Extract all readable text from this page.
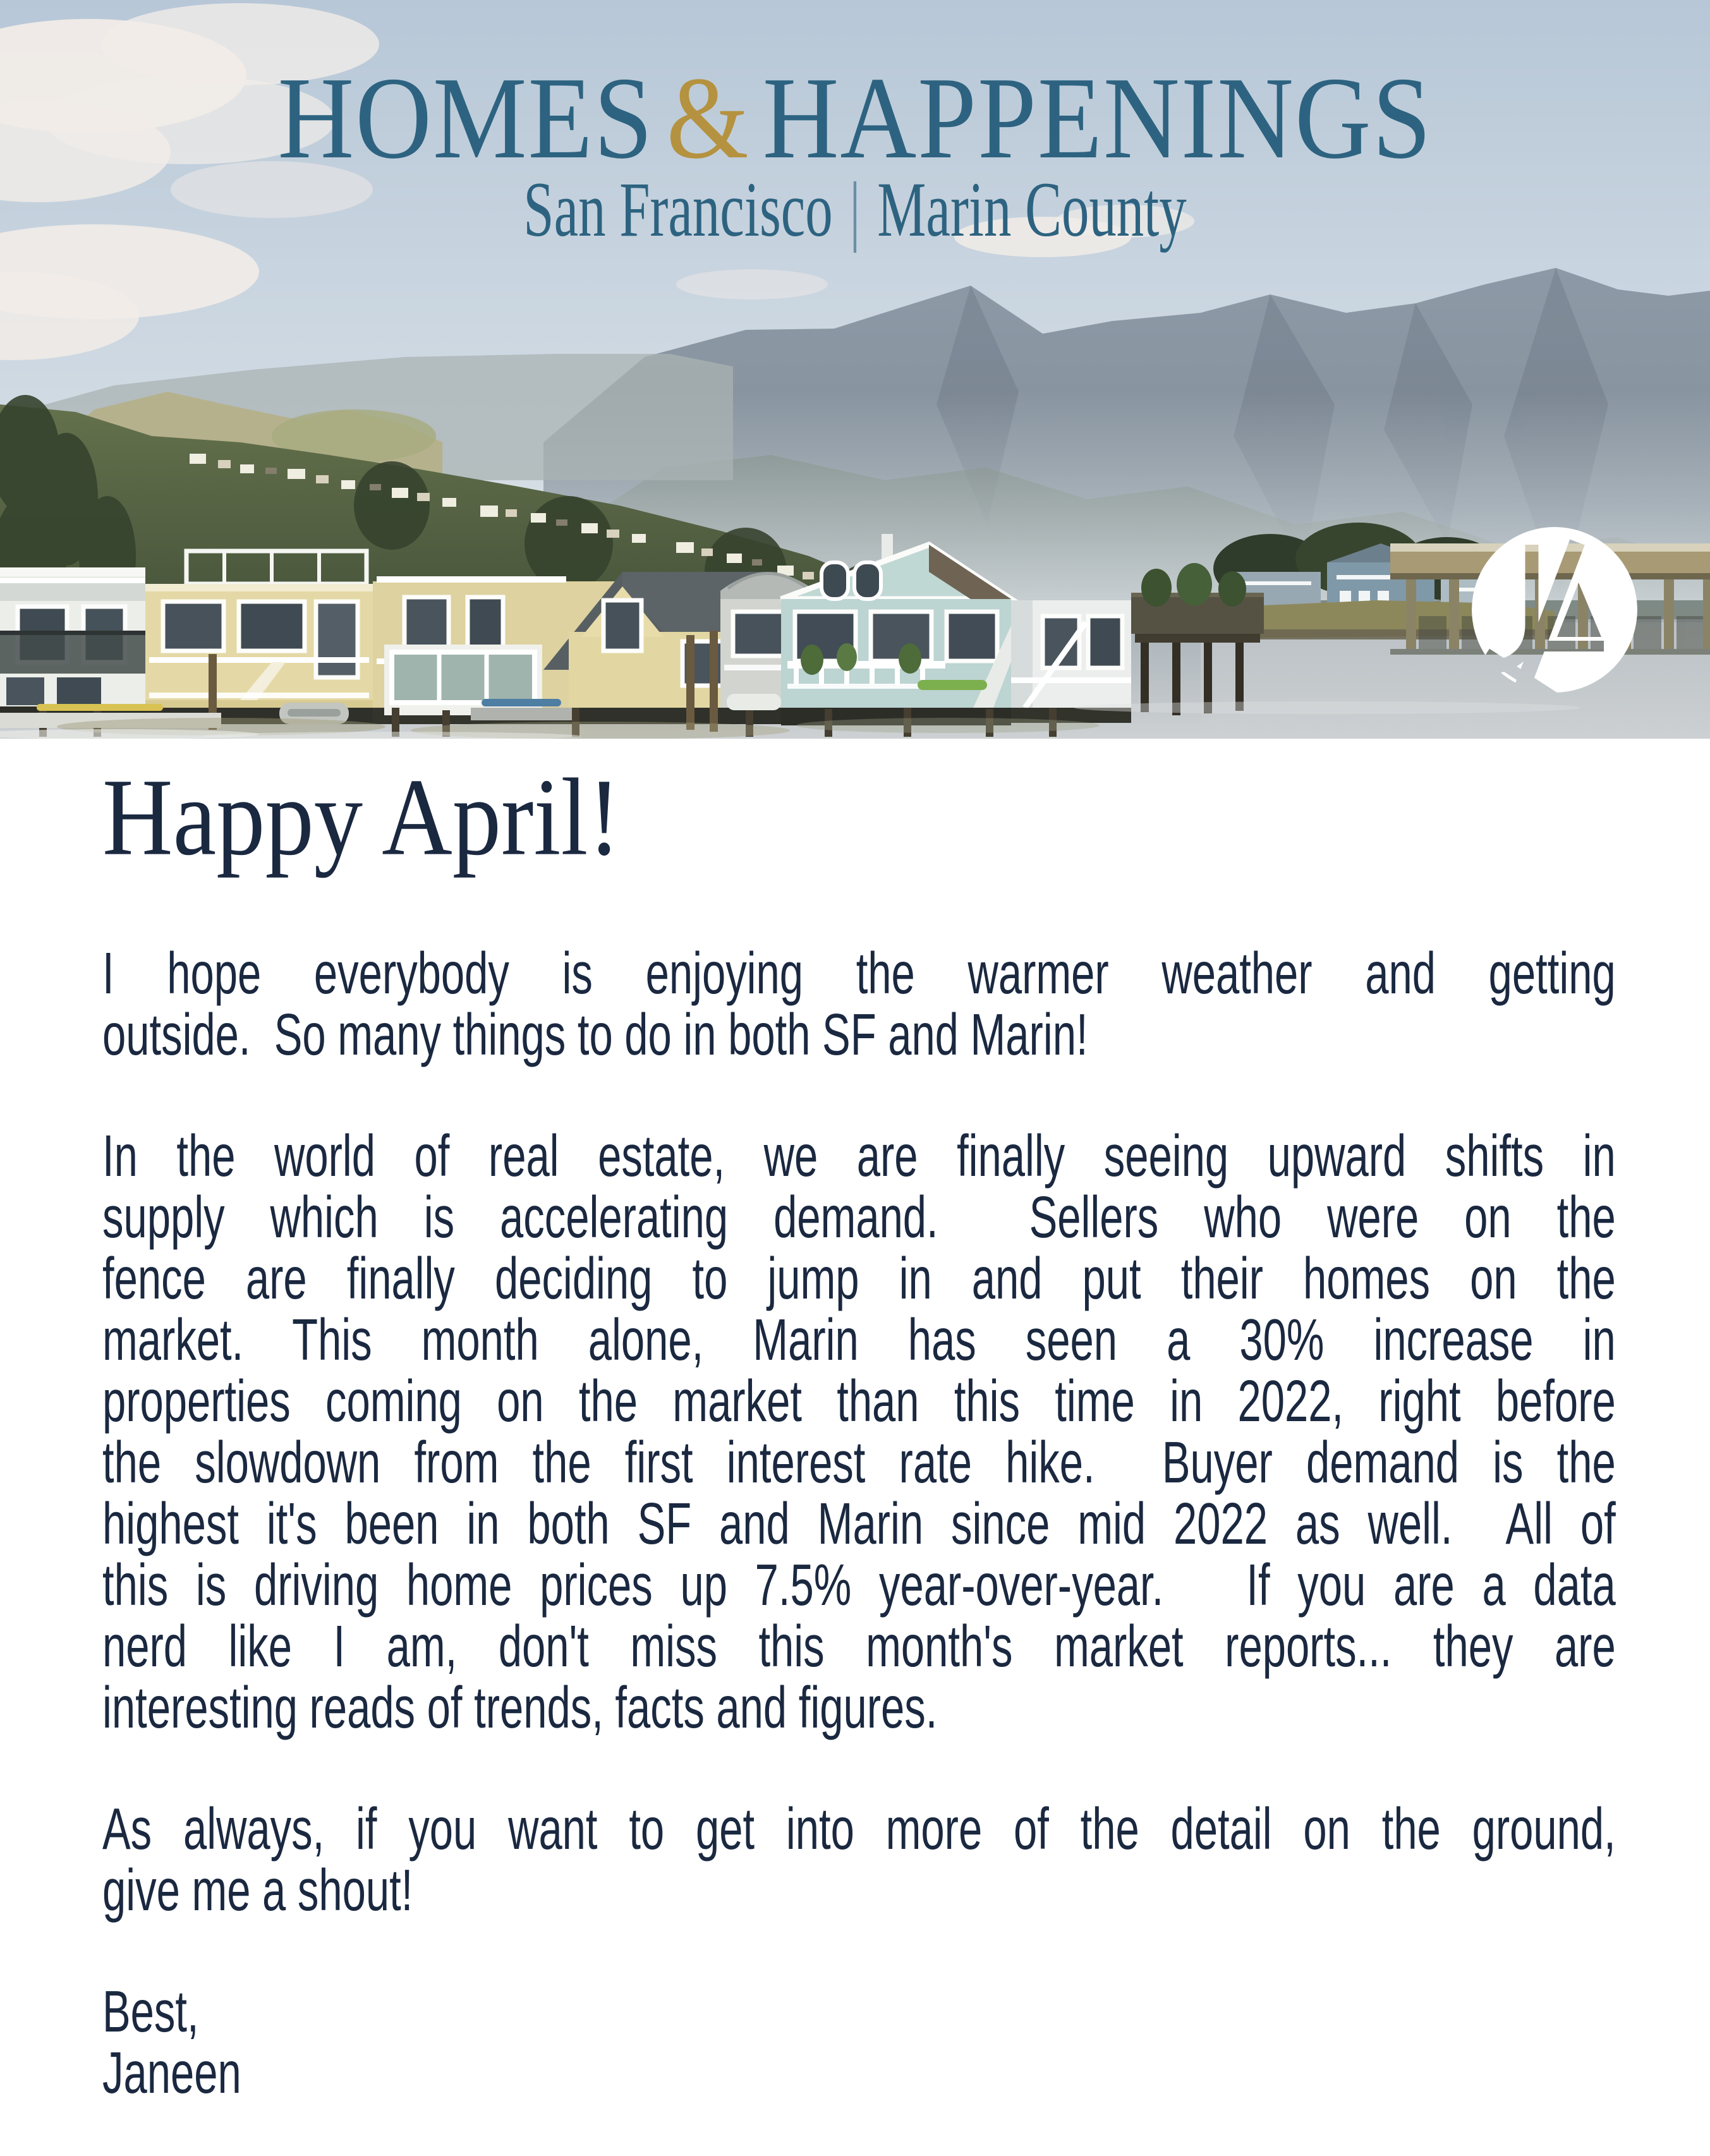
HOMES & HAPPENINGS
San Francisco | Marin County
Happy April!
I hope everybody is enjoying the warmer weather and getting
outside.  So many things to do in both SF and Marin!
In the world of real estate, we are finally seeing upward shifts in
supply which is accelerating demand.  Sellers who were on the
fence are finally deciding to jump in and put their homes on the
market. This month alone, Marin has seen a 30% increase in
properties coming on the market than this time in 2022, right before
the slowdown from the first interest rate hike.  Buyer demand is the
highest it's been in both SF and Marin since mid 2022 as well.  All of
this is driving home prices up 7.5% year-over-year.   If you are a data
nerd like I am, don't miss this month's market reports... they are
interesting reads of trends, facts and figures.
As always, if you want to get into more of the detail on the ground,
give me a shout!
Best,
Janeen
